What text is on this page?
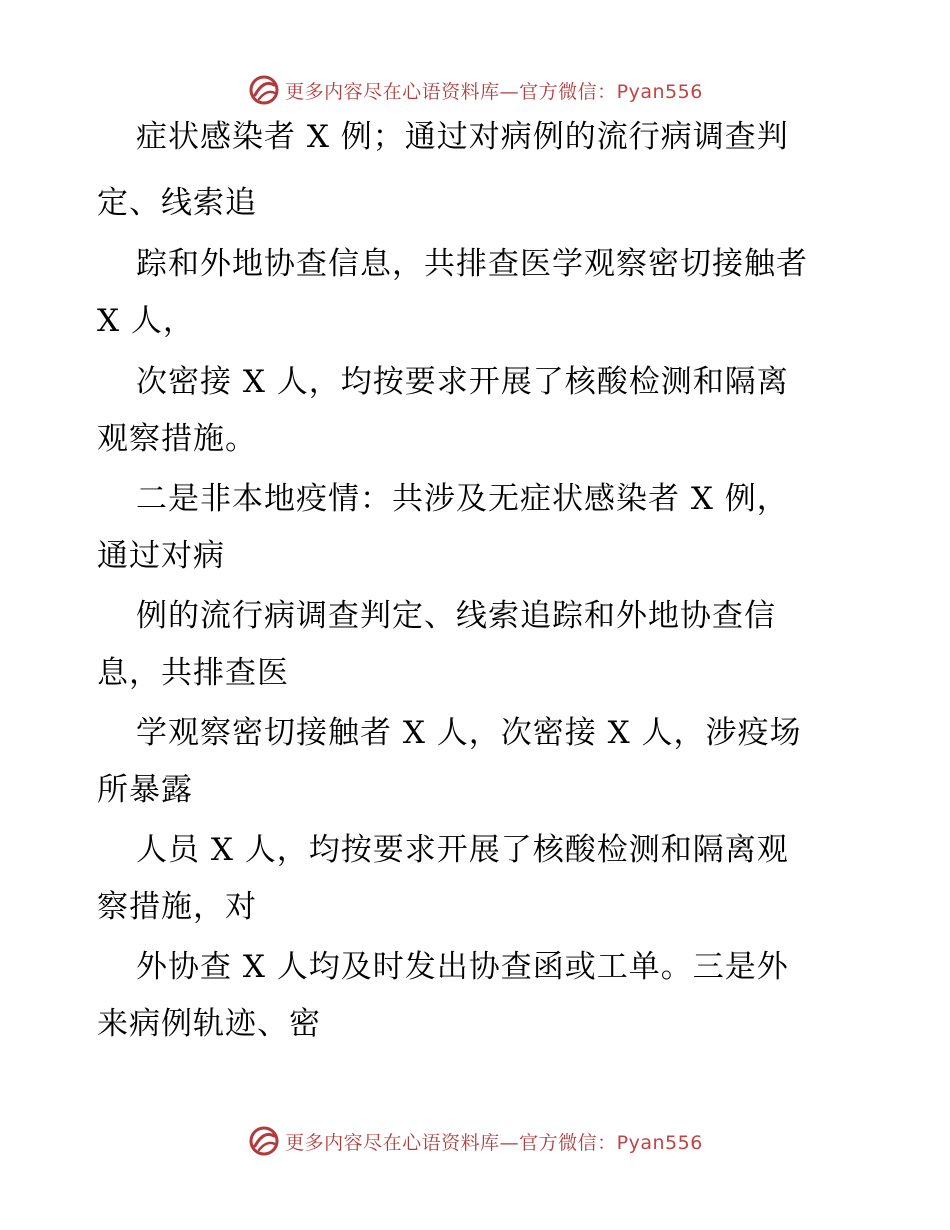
更多内容尽在心语资料库—官方微信：Pyan556
症状感染者 X 例；通过对病例的流行病调查判
定、线索追
踪和外地协查信息，共排查医学观察密切接触者
X 人，
次密接 X 人，均按要求开展了核酸检测和隔离
观察措施。
二是非本地疫情：共涉及无症状感染者 X 例，
通过对病
例的流行病调查判定、线索追踪和外地协查信
息，共排查医
学观察密切接触者 X 人，次密接 X 人，涉疫场
所暴露
人员 X 人，均按要求开展了核酸检测和隔离观
察措施，对
外协查 X 人均及时发出协查函或工单。三是外
来病例轨迹、密
更多内容尽在心语资料库—官方微信：Pyan556
